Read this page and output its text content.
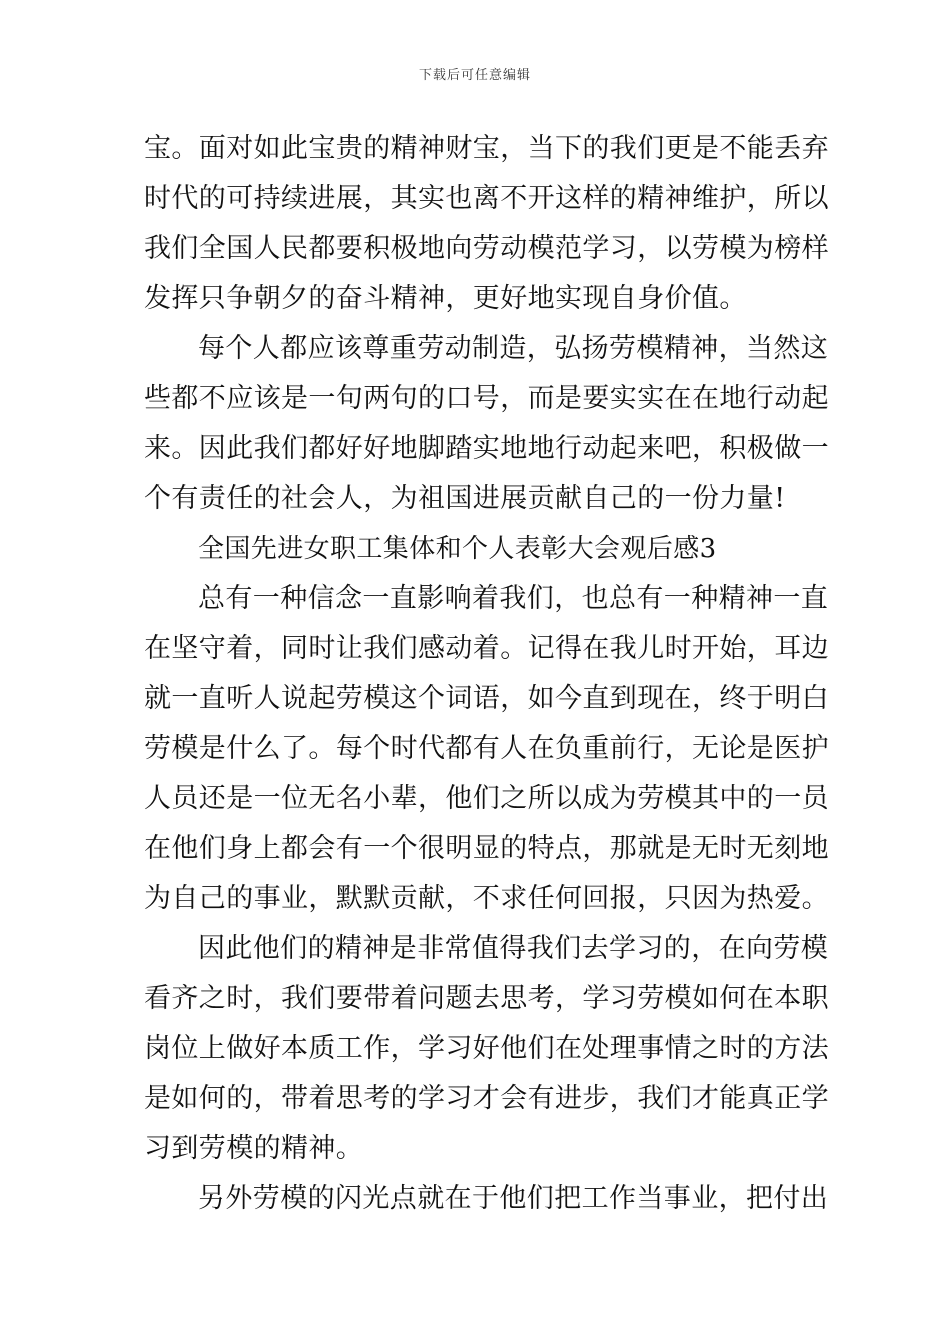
下载后可任意编辑
宝。面对如此宝贵的精神财宝，当下的我们更是不能丢弃
时代的可持续进展，其实也离不开这样的精神维护，所以
我们全国人民都要积极地向劳动模范学习，以劳模为榜样
发挥只争朝夕的奋斗精神，更好地实现自身价值。
每个人都应该尊重劳动制造，弘扬劳模精神，当然这
些都不应该是一句两句的口号，而是要实实在在地行动起
来。因此我们都好好地脚踏实地地行动起来吧，积极做一
个有责任的社会人，为祖国进展贡献自己的一份力量!
全国先进女职工集体和个人表彰大会观后感3
总有一种信念一直影响着我们，也总有一种精神一直
在坚守着，同时让我们感动着。记得在我儿时开始，耳边
就一直听人说起劳模这个词语，如今直到现在，终于明白
劳模是什么了。每个时代都有人在负重前行，无论是医护
人员还是一位无名小辈，他们之所以成为劳模其中的一员
在他们身上都会有一个很明显的特点，那就是无时无刻地
为自己的事业，默默贡献，不求任何回报，只因为热爱。
因此他们的精神是非常值得我们去学习的，在向劳模
看齐之时，我们要带着问题去思考，学习劳模如何在本职
岗位上做好本质工作，学习好他们在处理事情之时的方法
是如何的，带着思考的学习才会有进步，我们才能真正学
习到劳模的精神。
另外劳模的闪光点就在于他们把工作当事业，把付出
